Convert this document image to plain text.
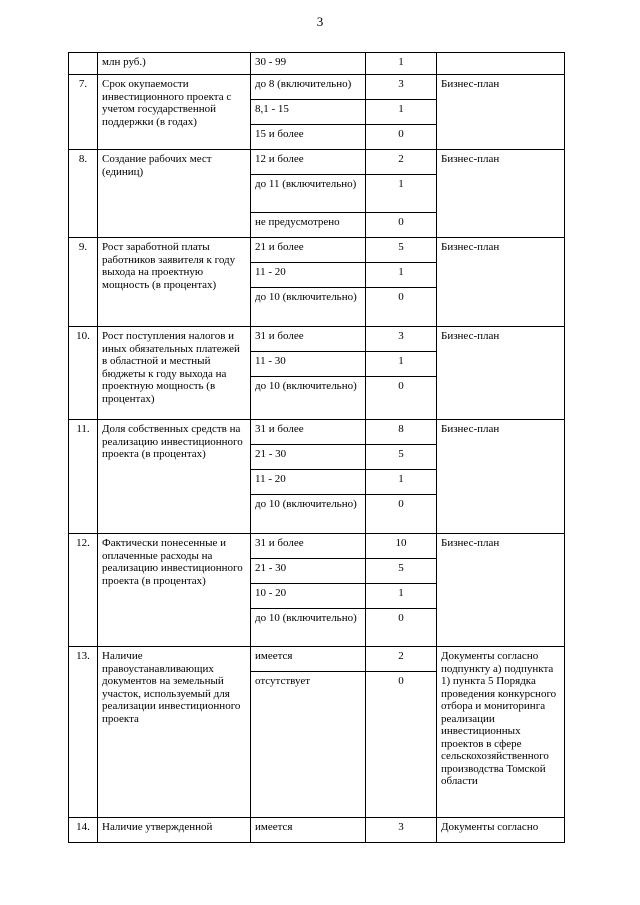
3
	млн руб.)	30 - 99	1	
7.	Срок окупаемости инвестиционного проекта с учетом государственной поддержки (в годах)	до 8 (включительно)	3	Бизнес-план
		8,1 - 15	1	
		15 и более	0	
8.	Создание рабочих мест (единиц)	12 и более	2	Бизнес-план
		до 11 (включительно)	1	
		не предусмотрено	0	
9.	Рост заработной платы работников заявителя к году выхода на проектную мощность (в процентах)	21 и более	5	Бизнес-план
		11 - 20	1	
		до 10 (включительно)	0	
10.	Рост поступления налогов и иных обязательных платежей в областной и местный бюджеты к году выхода на проектную мощность (в процентах)	31 и более	3	Бизнес-план
		11 - 30	1	
		до 10 (включительно)	0	
11.	Доля собственных средств на реализацию инвестиционного проекта (в процентах)	31 и более	8	Бизнес-план
		21 - 30	5	
		11 - 20	1	
		до 10 (включительно)	0	
12.	Фактически понесенные и оплаченные расходы на реализацию инвестиционного проекта (в процентах)	31 и более	10	Бизнес-план
		21 - 30	5	
		10 - 20	1	
		до 10 (включительно)	0	
13.	Наличие правоустанавливающих документов на земельный участок, используемый для реализации инвестиционного проекта	имеется	2	Документы согласно подпункту а) подпункта 1) пункта 5 Порядка проведения конкурсного отбора и мониторинга реализации инвестиционных проектов в сфере сельскохозяйственного производства Томской области
		отсутствует	0	
14.	Наличие утвержденной	имеется	3	Документы согласно
